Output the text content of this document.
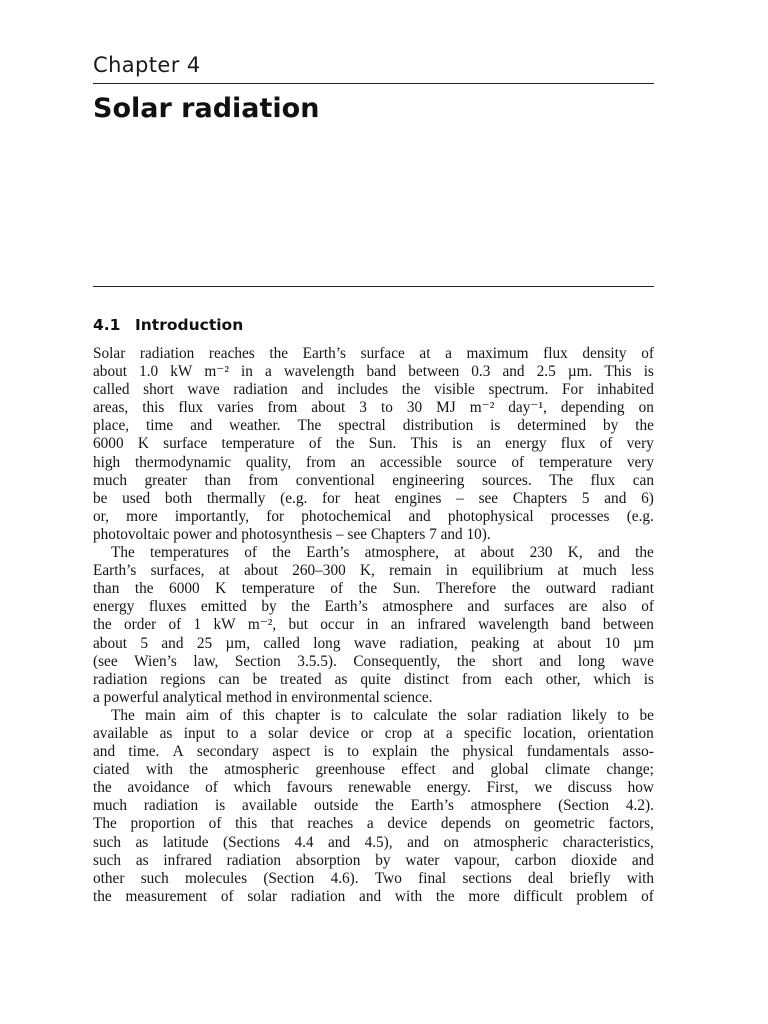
Chapter 4
Solar radiation
4.1 Introduction
Solar radiation reaches the Earth’s surface at a maximum flux density of
about 1.0 kW m⁻² in a wavelength band between 0.3 and 2.5 µm. This is
called short wave radiation and includes the visible spectrum. For inhabited
areas, this flux varies from about 3 to 30 MJ m⁻² day⁻¹, depending on
place, time and weather. The spectral distribution is determined by the
6000 K surface temperature of the Sun. This is an energy flux of very
high thermodynamic quality, from an accessible source of temperature very
much greater than from conventional engineering sources. The flux can
be used both thermally (e.g. for heat engines – see Chapters 5 and 6)
or, more importantly, for photochemical and photophysical processes (e.g.
photovoltaic power and photosynthesis – see Chapters 7 and 10).
The temperatures of the Earth’s atmosphere, at about 230 K, and the
Earth’s surfaces, at about 260–300 K, remain in equilibrium at much less
than the 6000 K temperature of the Sun. Therefore the outward radiant
energy fluxes emitted by the Earth’s atmosphere and surfaces are also of
the order of 1 kW m⁻², but occur in an infrared wavelength band between
about 5 and 25 µm, called long wave radiation, peaking at about 10 µm
(see Wien’s law, Section 3.5.5). Consequently, the short and long wave
radiation regions can be treated as quite distinct from each other, which is
a powerful analytical method in environmental science.
The main aim of this chapter is to calculate the solar radiation likely to be
available as input to a solar device or crop at a specific location, orientation
and time. A secondary aspect is to explain the physical fundamentals asso-
ciated with the atmospheric greenhouse effect and global climate change;
the avoidance of which favours renewable energy. First, we discuss how
much radiation is available outside the Earth’s atmosphere (Section 4.2).
The proportion of this that reaches a device depends on geometric factors,
such as latitude (Sections 4.4 and 4.5), and on atmospheric characteristics,
such as infrared radiation absorption by water vapour, carbon dioxide and
other such molecules (Section 4.6). Two final sections deal briefly with
the measurement of solar radiation and with the more difficult problem of
